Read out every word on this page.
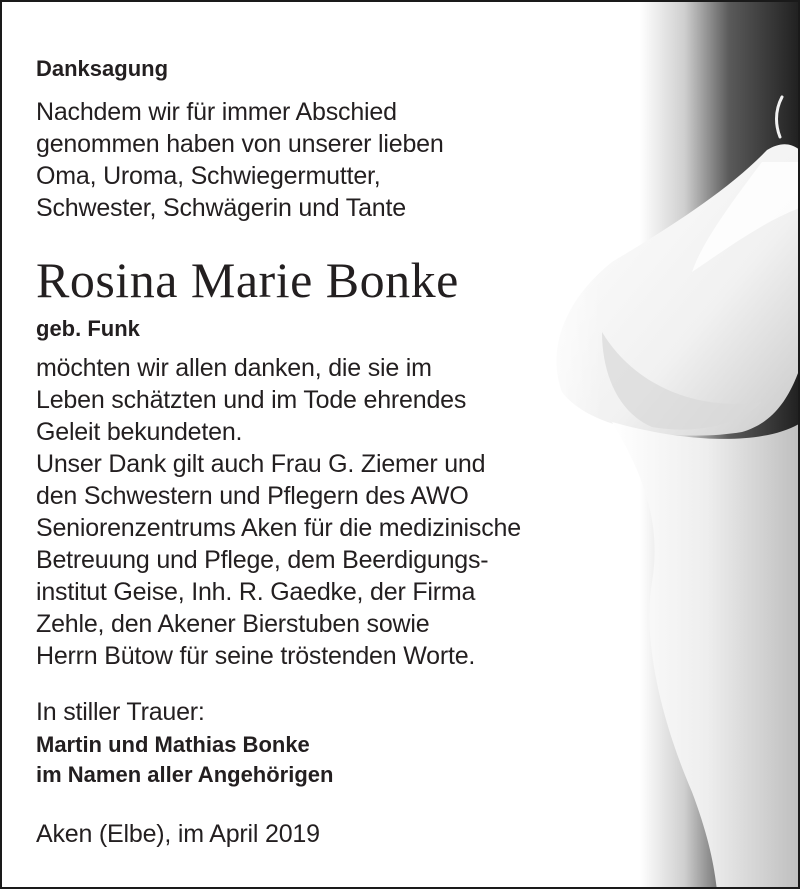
Danksagung
Nachdem wir für immer Abschied
genommen haben von unserer lieben
Oma, Uroma, Schwiegermutter,
Schwester, Schwägerin und Tante
Rosina Marie Bonke
geb. Funk
möchten wir allen danken, die sie im
Leben schätzten und im Tode ehrendes
Geleit bekundeten.
Unser Dank gilt auch Frau G. Ziemer und
den Schwestern und Pflegern des AWO
Seniorenzentrums Aken für die medizinische
Betreuung und Pflege, dem Beerdigungs-
institut Geise, Inh. R. Gaedke, der Firma
Zehle, den Akener Bierstuben sowie
Herrn Bütow für seine tröstenden Worte.
In stiller Trauer:
Martin und Mathias Bonke
im Namen aller Angehörigen
Aken (Elbe), im April 2019
